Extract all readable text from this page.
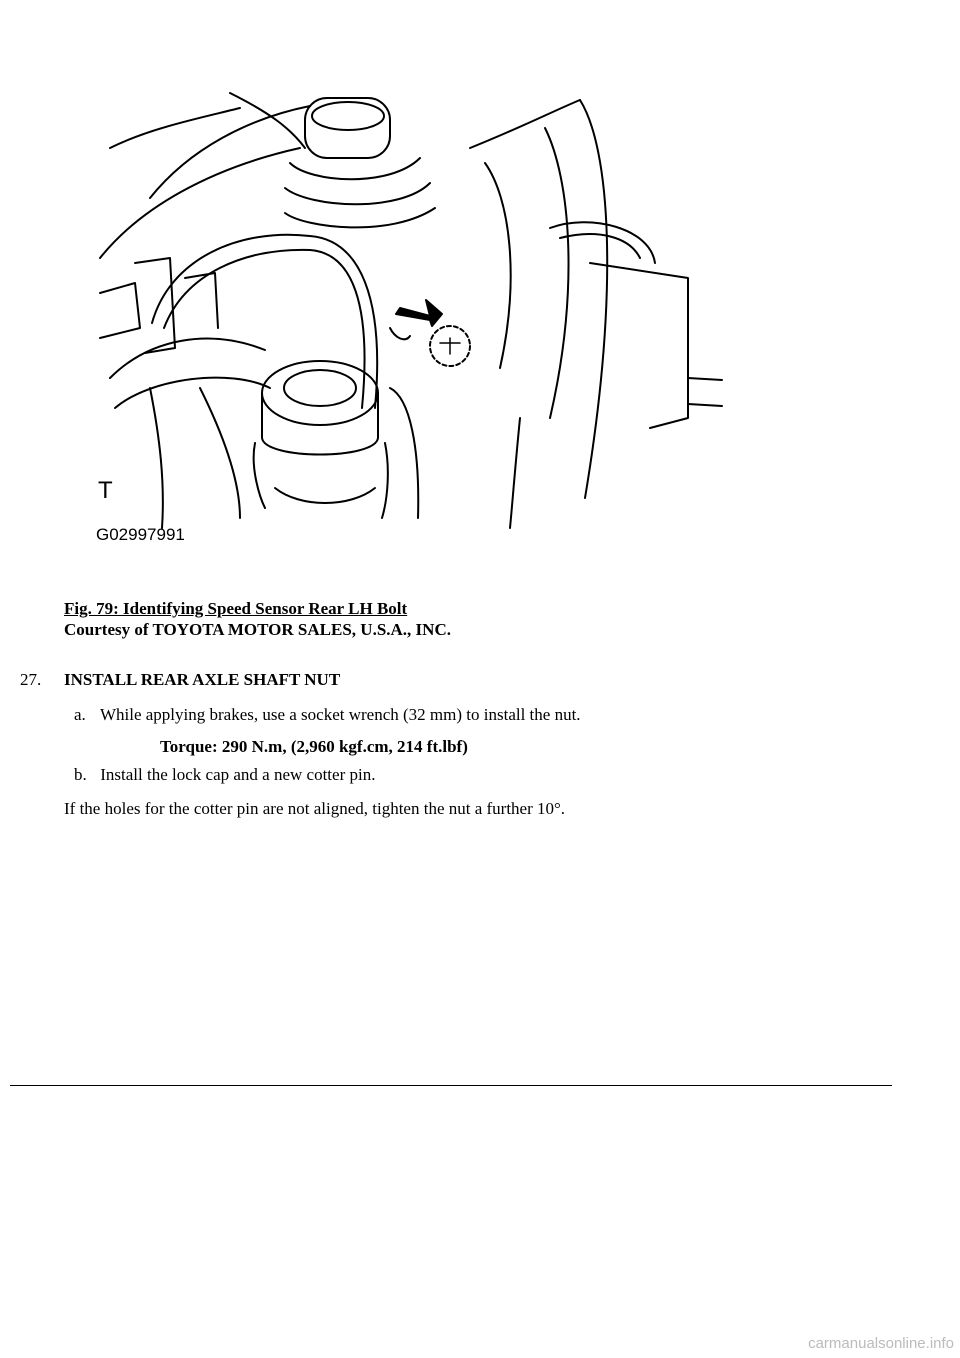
T
G02997991
Fig. 79: Identifying Speed Sensor Rear LH Bolt
Courtesy of TOYOTA MOTOR SALES, U.S.A., INC.
27. INSTALL REAR AXLE SHAFT NUT
a. While applying brakes, use a socket wrench (32 mm) to install the nut.
Torque: 290 N.m, (2,960 kgf.cm, 214 ft.lbf)
b. Install the lock cap and a new cotter pin.
If the holes for the cotter pin are not aligned, tighten the nut a further 10°.
carmanualsonline.info
